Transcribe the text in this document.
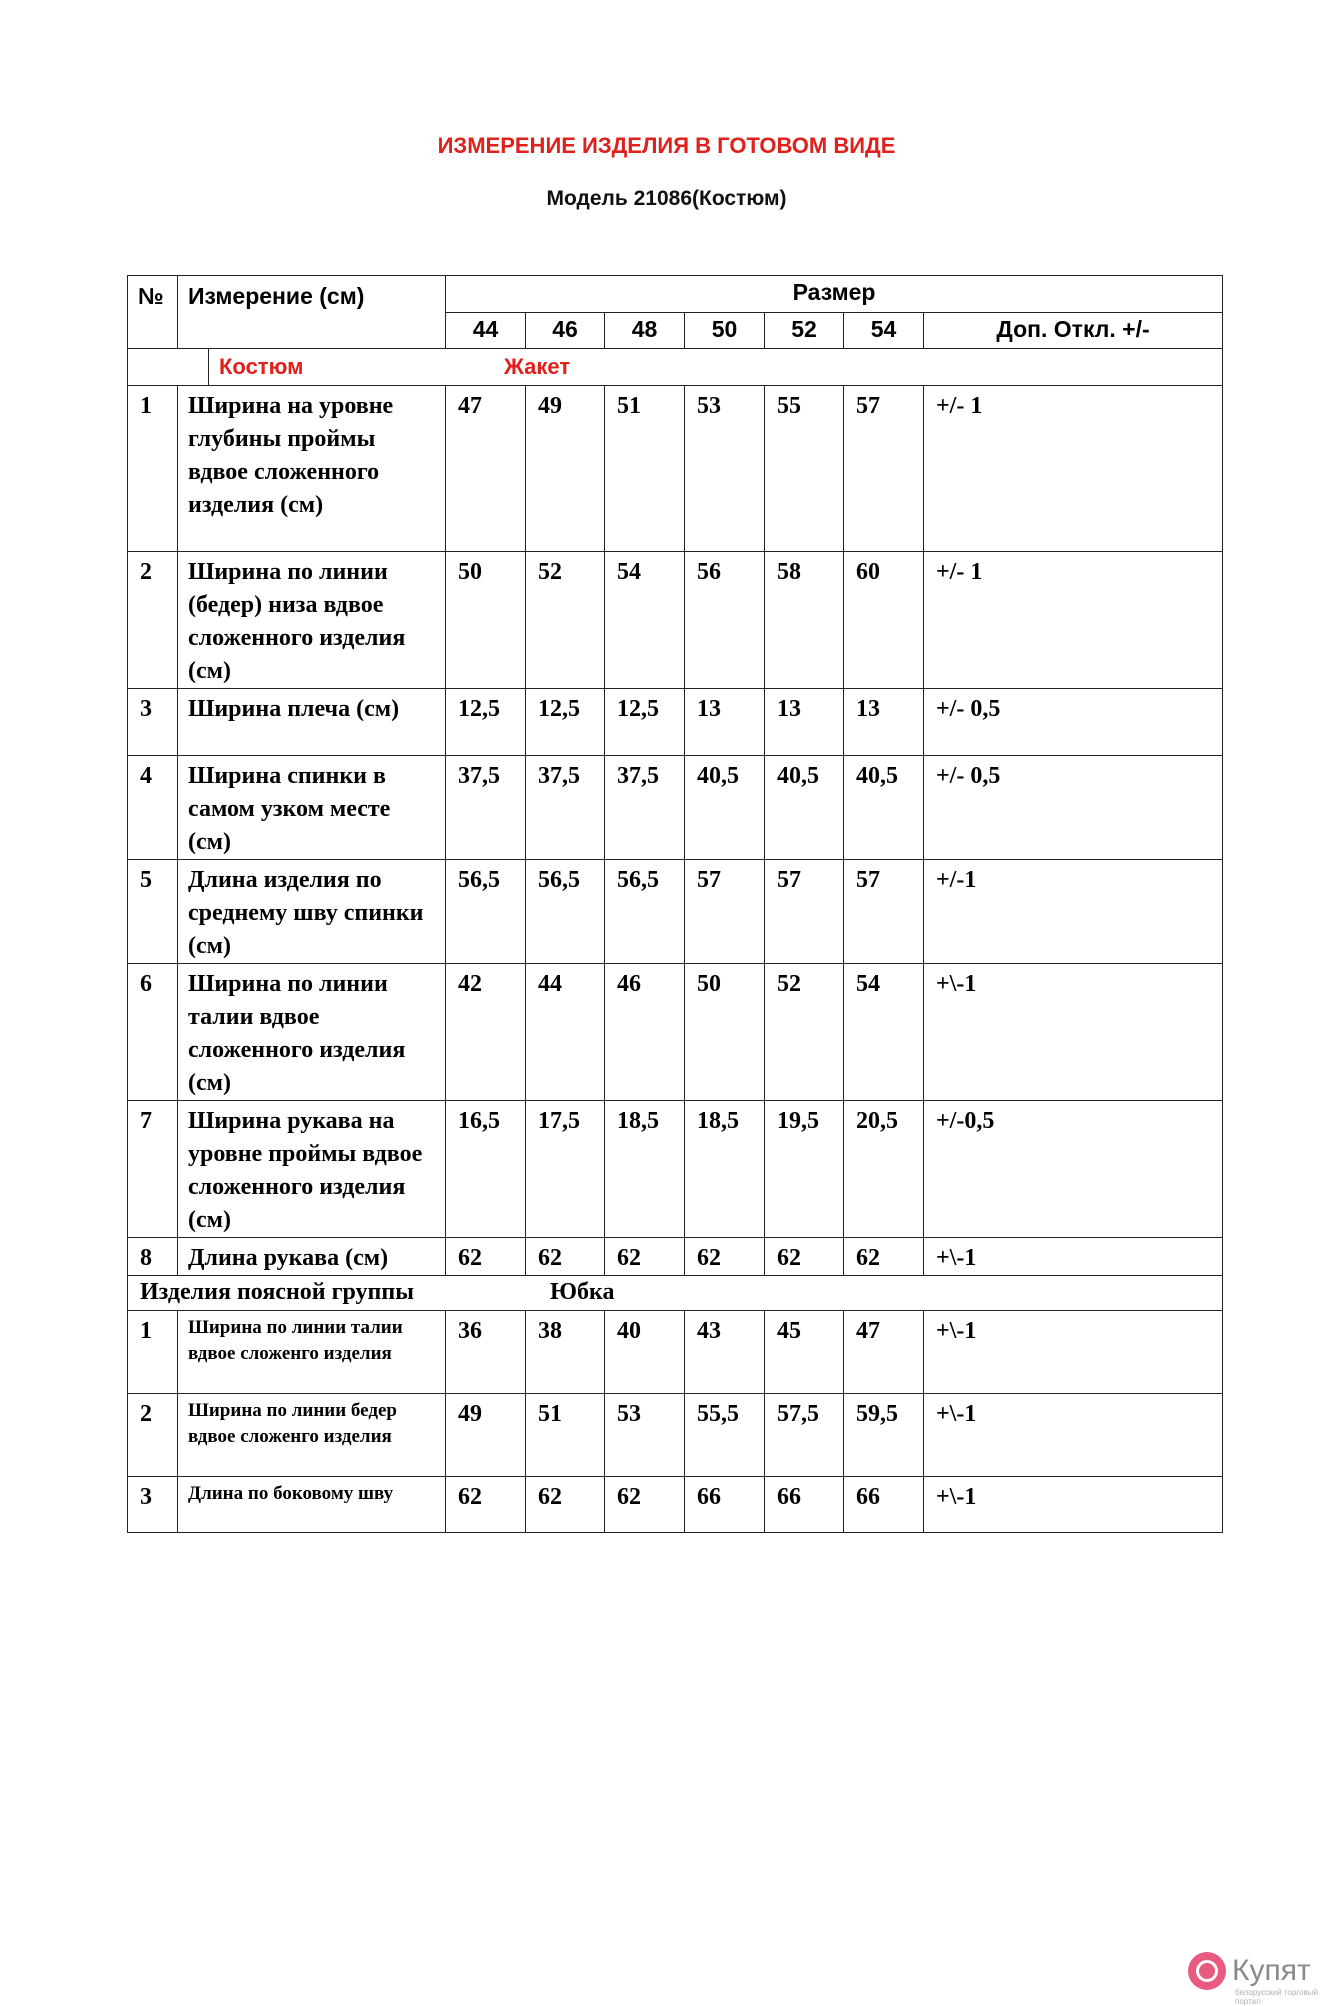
ИЗМЕРЕНИЕ ИЗДЕЛИЯ В ГОТОВОМ ВИДЕ
Модель 21086(Костюм)
№	Измерение (см)	Размер						
		44	46	48	50	52	54	Доп. Откл. +/-

Костюм Жакет								

1	Ширина на уровне глубины проймы вдвое сложенного изделия (см)	47	49	51	53	55	57	+/- 1
2	Ширина по линии (бедер) низа вдвое сложенного изделия (см)	50	52	54	56	58	60	+/- 1
3	Ширина плеча (см)	12,5	12,5	12,5	13	13	13	+/- 0,5
4	Ширина спинки в самом узком месте (см)	37,5	37,5	37,5	40,5	40,5	40,5	+/- 0,5
5	Длина изделия по среднему шву спинки (см)	56,5	56,5	56,5	57	57	57	+/-1
6	Ширина по линии талии вдвое сложенного изделия (см)	42	44	46	50	52	54	+\-1
7	Ширина рукава на уровне проймы вдвое сложенного изделия (см)	16,5	17,5	18,5	18,5	19,5	20,5	+/-0,5
8	Длина рукава (см)	62	62	62	62	62	62	+\-1

Изделия поясной группы Юбка								

1	Ширина по линии талии вдвое сложенго изделия	36	38	40	43	45	47	+\-1
2	Ширина по линии бедер вдвое сложенго изделия	49	51	53	55,5	57,5	59,5	+\-1
3	Длина по боковому шву	62	62	62	66	66	66	+\-1
Купят
белорусский торговый портал
